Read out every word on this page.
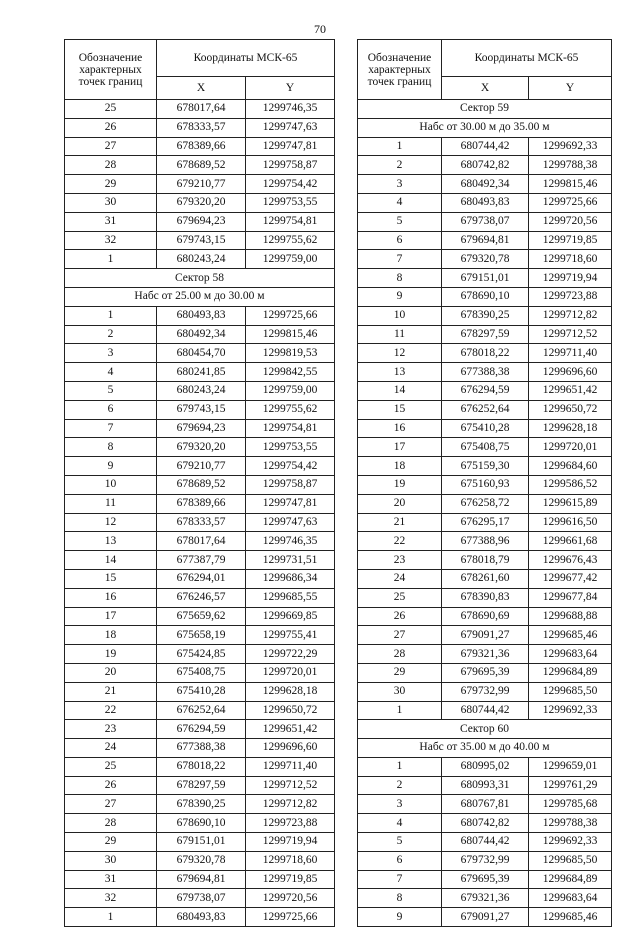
70
Обозначение характерных точек границ	Координаты МСК-65	
	X	Y
25	678017,64	1299746,35
26	678333,57	1299747,63
27	678389,66	1299747,81
28	678689,52	1299758,87
29	679210,77	1299754,42
30	679320,20	1299753,55
31	679694,23	1299754,81
32	679743,15	1299755,62
1	680243,24	1299759,00
Сектор 58		
Набс от 25.00 м до 30.00 м		
1	680493,83	1299725,66
2	680492,34	1299815,46
3	680454,70	1299819,53
4	680241,85	1299842,55
5	680243,24	1299759,00
6	679743,15	1299755,62
7	679694,23	1299754,81
8	679320,20	1299753,55
9	679210,77	1299754,42
10	678689,52	1299758,87
11	678389,66	1299747,81
12	678333,57	1299747,63
13	678017,64	1299746,35
14	677387,79	1299731,51
15	676294,01	1299686,34
16	676246,57	1299685,55
17	675659,62	1299669,85
18	675658,19	1299755,41
19	675424,85	1299722,29
20	675408,75	1299720,01
21	675410,28	1299628,18
22	676252,64	1299650,72
23	676294,59	1299651,42
24	677388,38	1299696,60
25	678018,22	1299711,40
26	678297,59	1299712,52
27	678390,25	1299712,82
28	678690,10	1299723,88
29	679151,01	1299719,94
30	679320,78	1299718,60
31	679694,81	1299719,85
32	679738,07	1299720,56
1	680493,83	1299725,66
Обозначение характерных точек границ	Координаты МСК-65	
	X	Y
Сектор 59		
Набс от 30.00 м до 35.00 м		
1	680744,42	1299692,33
2	680742,82	1299788,38
3	680492,34	1299815,46
4	680493,83	1299725,66
5	679738,07	1299720,56
6	679694,81	1299719,85
7	679320,78	1299718,60
8	679151,01	1299719,94
9	678690,10	1299723,88
10	678390,25	1299712,82
11	678297,59	1299712,52
12	678018,22	1299711,40
13	677388,38	1299696,60
14	676294,59	1299651,42
15	676252,64	1299650,72
16	675410,28	1299628,18
17	675408,75	1299720,01
18	675159,30	1299684,60
19	675160,93	1299586,52
20	676258,72	1299615,89
21	676295,17	1299616,50
22	677388,96	1299661,68
23	678018,79	1299676,43
24	678261,60	1299677,42
25	678390,83	1299677,84
26	678690,69	1299688,88
27	679091,27	1299685,46
28	679321,36	1299683,64
29	679695,39	1299684,89
30	679732,99	1299685,50
1	680744,42	1299692,33
Сектор 60		
Набс от 35.00 м до 40.00 м		
1	680995,02	1299659,01
2	680993,31	1299761,29
3	680767,81	1299785,68
4	680742,82	1299788,38
5	680744,42	1299692,33
6	679732,99	1299685,50
7	679695,39	1299684,89
8	679321,36	1299683,64
9	679091,27	1299685,46
